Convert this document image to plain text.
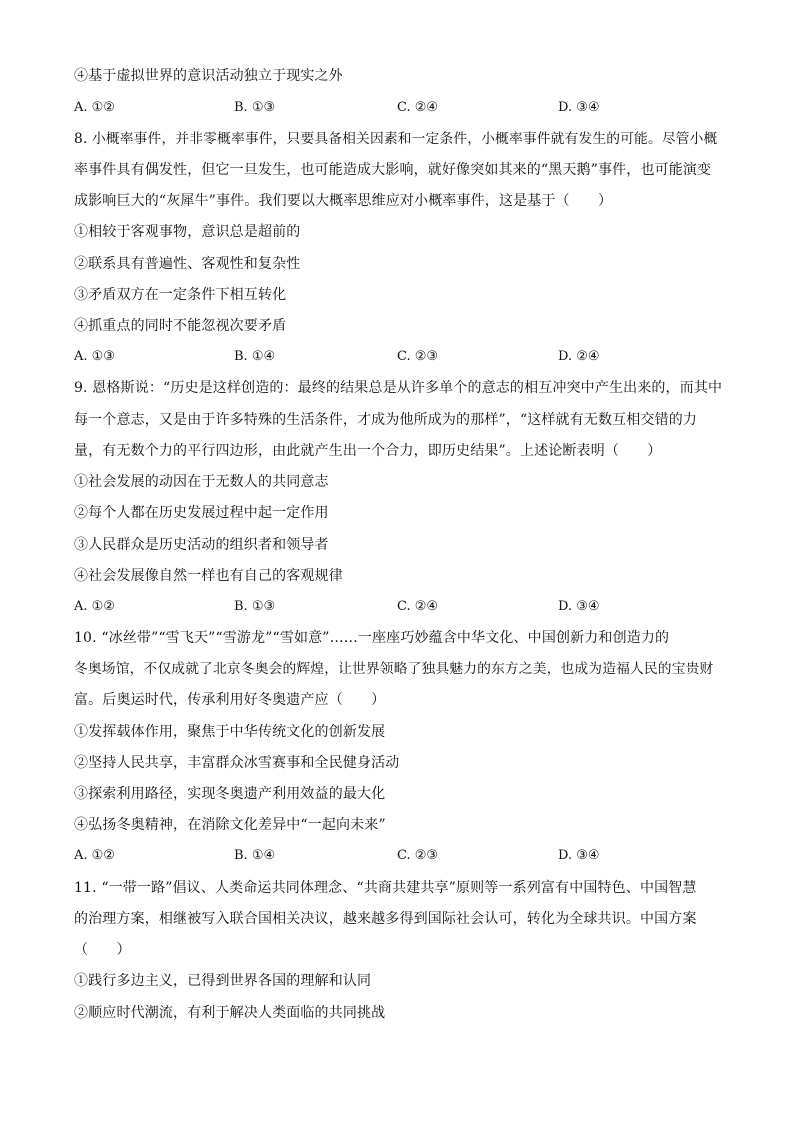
④基于虚拟世界的意识活动独立于现实之外
A. ①②	B. ①③	C. ②④	D. ③④
8. 小概率事件，并非零概率事件，只要具备相关因素和一定条件，小概率事件就有发生的可能。尽管小概
率事件具有偶发性，但它一旦发生，也可能造成大影响，就好像突如其来的“黑天鹅”事件，也可能演变
成影响巨大的“灰犀牛”事件。我们要以大概率思维应对小概率事件，这是基于（　　）
①相较于客观事物，意识总是超前的
②联系具有普遍性、客观性和复杂性
③矛盾双方在一定条件下相互转化
④抓重点的同时不能忽视次要矛盾
A. ①③	B. ①④	C. ②③	D. ②④
9. 恩格斯说：“历史是这样创造的：最终的结果总是从许多单个的意志的相互冲突中产生出来的，而其中
每一个意志，又是由于许多特殊的生活条件，才成为他所成为的那样”，“这样就有无数互相交错的力
量，有无数个力的平行四边形，由此就产生出一个合力，即历史结果”。上述论断表明（　　）
①社会发展的动因在于无数人的共同意志
②每个人都在历史发展过程中起一定作用
③人民群众是历史活动的组织者和领导者
④社会发展像自然一样也有自己的客观规律
A. ①②	B. ①③	C. ②④	D. ③④
10. “冰丝带”“雪飞天”“雪游龙”“雪如意”……一座座巧妙蕴含中华文化、中国创新力和创造力的
冬奥场馆，不仅成就了北京冬奥会的辉煌，让世界领略了独具魅力的东方之美，也成为造福人民的宝贵财
富。后奥运时代，传承利用好冬奥遗产应（　　）
①发挥载体作用，聚焦于中华传统文化的创新发展
②坚持人民共享，丰富群众冰雪赛事和全民健身活动
③探索利用路径，实现冬奥遗产利用效益的最大化
④弘扬冬奥精神，在消除文化差异中“一起向未来”
A. ①②	B. ①④	C. ②③	D. ③④
11. “一带一路”倡议、人类命运共同体理念、“共商共建共享”原则等一系列富有中国特色、中国智慧
的治理方案，相继被写入联合国相关决议，越来越多得到国际社会认可，转化为全球共识。中国方案
（　　）
①践行多边主义，已得到世界各国的理解和认同
②顺应时代潮流，有利于解决人类面临的共同挑战
